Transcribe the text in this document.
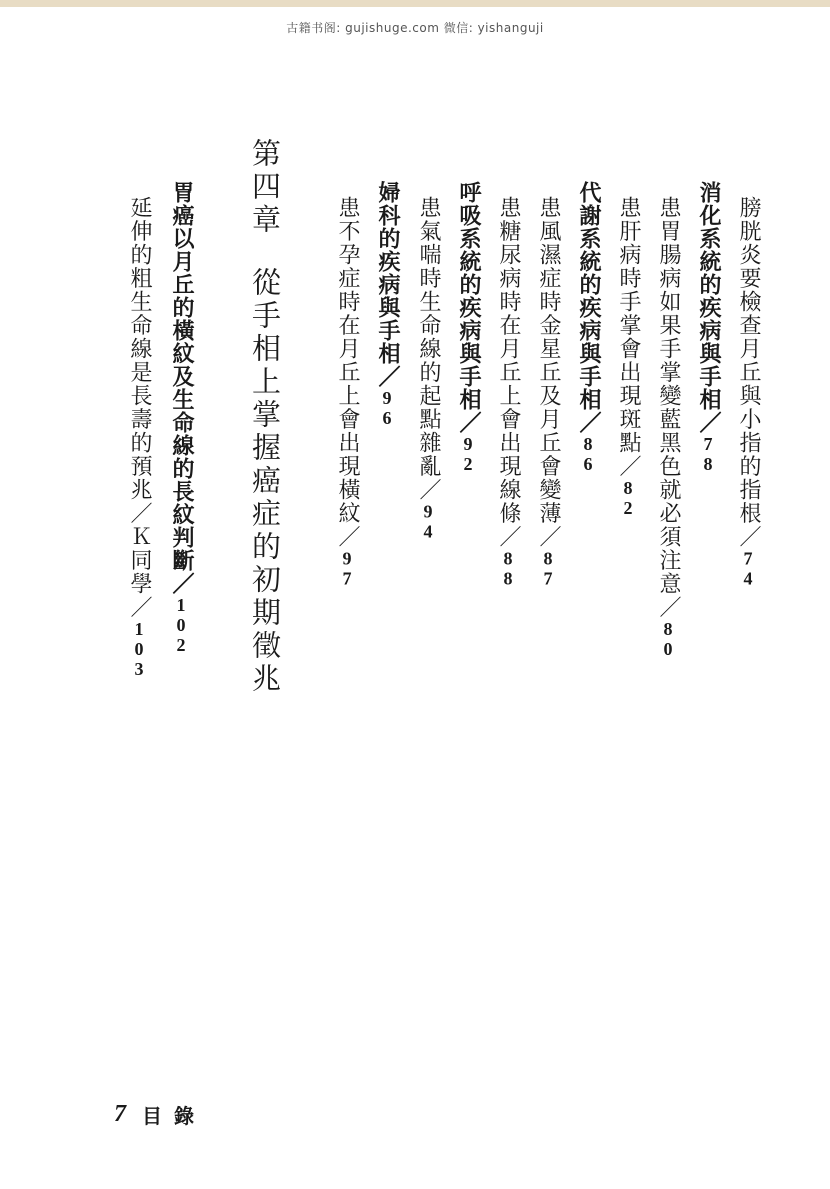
古籍书阁: gujishuge.com 微信: yishanguji
膀胱炎要檢查月丘與小指的指根／74
消化系統的疾病與手相／78
患胃腸病如果手掌變藍黑色就必須注意／80
患肝病時手掌會出現斑點／82
代謝系統的疾病與手相／86
患風濕症時金星丘及月丘會變薄／87
患糖尿病時在月丘上會出現線條／88
呼吸系統的疾病與手相／92
患氣喘時生命線的起點雜亂／94
婦科的疾病與手相／96
患不孕症時在月丘上會出現橫紋／97
第四章從手相上掌握癌症的初期徵兆
胃癌以月丘的橫紋及生命線的長紋判斷／102
延伸的粗生命線是長壽的預兆／Ｋ同學／103
7 目錄
